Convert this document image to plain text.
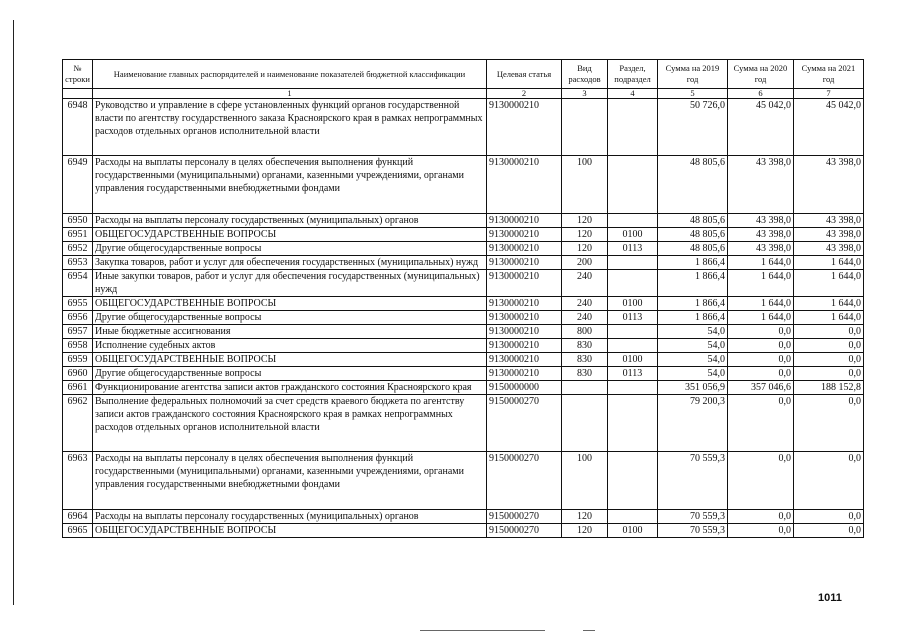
№ строки	Наименование главных распорядителей и наименование показателей бюджетной классификации	Целевая статья	Вид расходов	Раздел, подраздел	Сумма на 2019 год	Сумма на 2020 год	Сумма на 2021 год
	1	2	3	4	5	6	7
6948	Руководство и управление в сфере установленных функций органов государственной власти по агентству государственного заказа Красноярского края в рамках непрограммных расходов отдельных органов исполнительной власти	9130000210			50 726,0	45 042,0	45 042,0
6949	Расходы на выплаты персоналу в целях обеспечения выполнения функций государственными (муниципальными) органами, казенными учреждениями, органами управления государственными внебюджетными фондами	9130000210	100		48 805,6	43 398,0	43 398,0
6950	Расходы на выплаты персоналу государственных (муниципальных) органов	9130000210	120		48 805,6	43 398,0	43 398,0
6951	ОБЩЕГОСУДАРСТВЕННЫЕ ВОПРОСЫ	9130000210	120	0100	48 805,6	43 398,0	43 398,0
6952	Другие общегосударственные вопросы	9130000210	120	0113	48 805,6	43 398,0	43 398,0
6953	Закупка товаров, работ и услуг для обеспечения государственных (муниципальных) нужд	9130000210	200		1 866,4	1 644,0	1 644,0
6954	Иные закупки товаров, работ и услуг для обеспечения государственных (муниципальных) нужд	9130000210	240		1 866,4	1 644,0	1 644,0
6955	ОБЩЕГОСУДАРСТВЕННЫЕ ВОПРОСЫ	9130000210	240	0100	1 866,4	1 644,0	1 644,0
6956	Другие общегосударственные вопросы	9130000210	240	0113	1 866,4	1 644,0	1 644,0
6957	Иные бюджетные ассигнования	9130000210	800		54,0	0,0	0,0
6958	Исполнение судебных актов	9130000210	830		54,0	0,0	0,0
6959	ОБЩЕГОСУДАРСТВЕННЫЕ ВОПРОСЫ	9130000210	830	0100	54,0	0,0	0,0
6960	Другие общегосударственные вопросы	9130000210	830	0113	54,0	0,0	0,0
6961	Функционирование агентства записи актов гражданского состояния Красноярского края	9150000000			351 056,9	357 046,6	188 152,8
6962	Выполнение федеральных полномочий за счет средств краевого бюджета по агентству записи актов гражданского состояния Красноярского края в рамках непрограммных расходов отдельных органов исполнительной власти	9150000270			79 200,3	0,0	0,0
6963	Расходы на выплаты персоналу в целях обеспечения выполнения функций государственными (муниципальными) органами, казенными учреждениями, органами управления государственными внебюджетными фондами	9150000270	100		70 559,3	0,0	0,0
6964	Расходы на выплаты персоналу государственных (муниципальных) органов	9150000270	120		70 559,3	0,0	0,0
6965	ОБЩЕГОСУДАРСТВЕННЫЕ ВОПРОСЫ	9150000270	120	0100	70 559,3	0,0	0,0
1011
